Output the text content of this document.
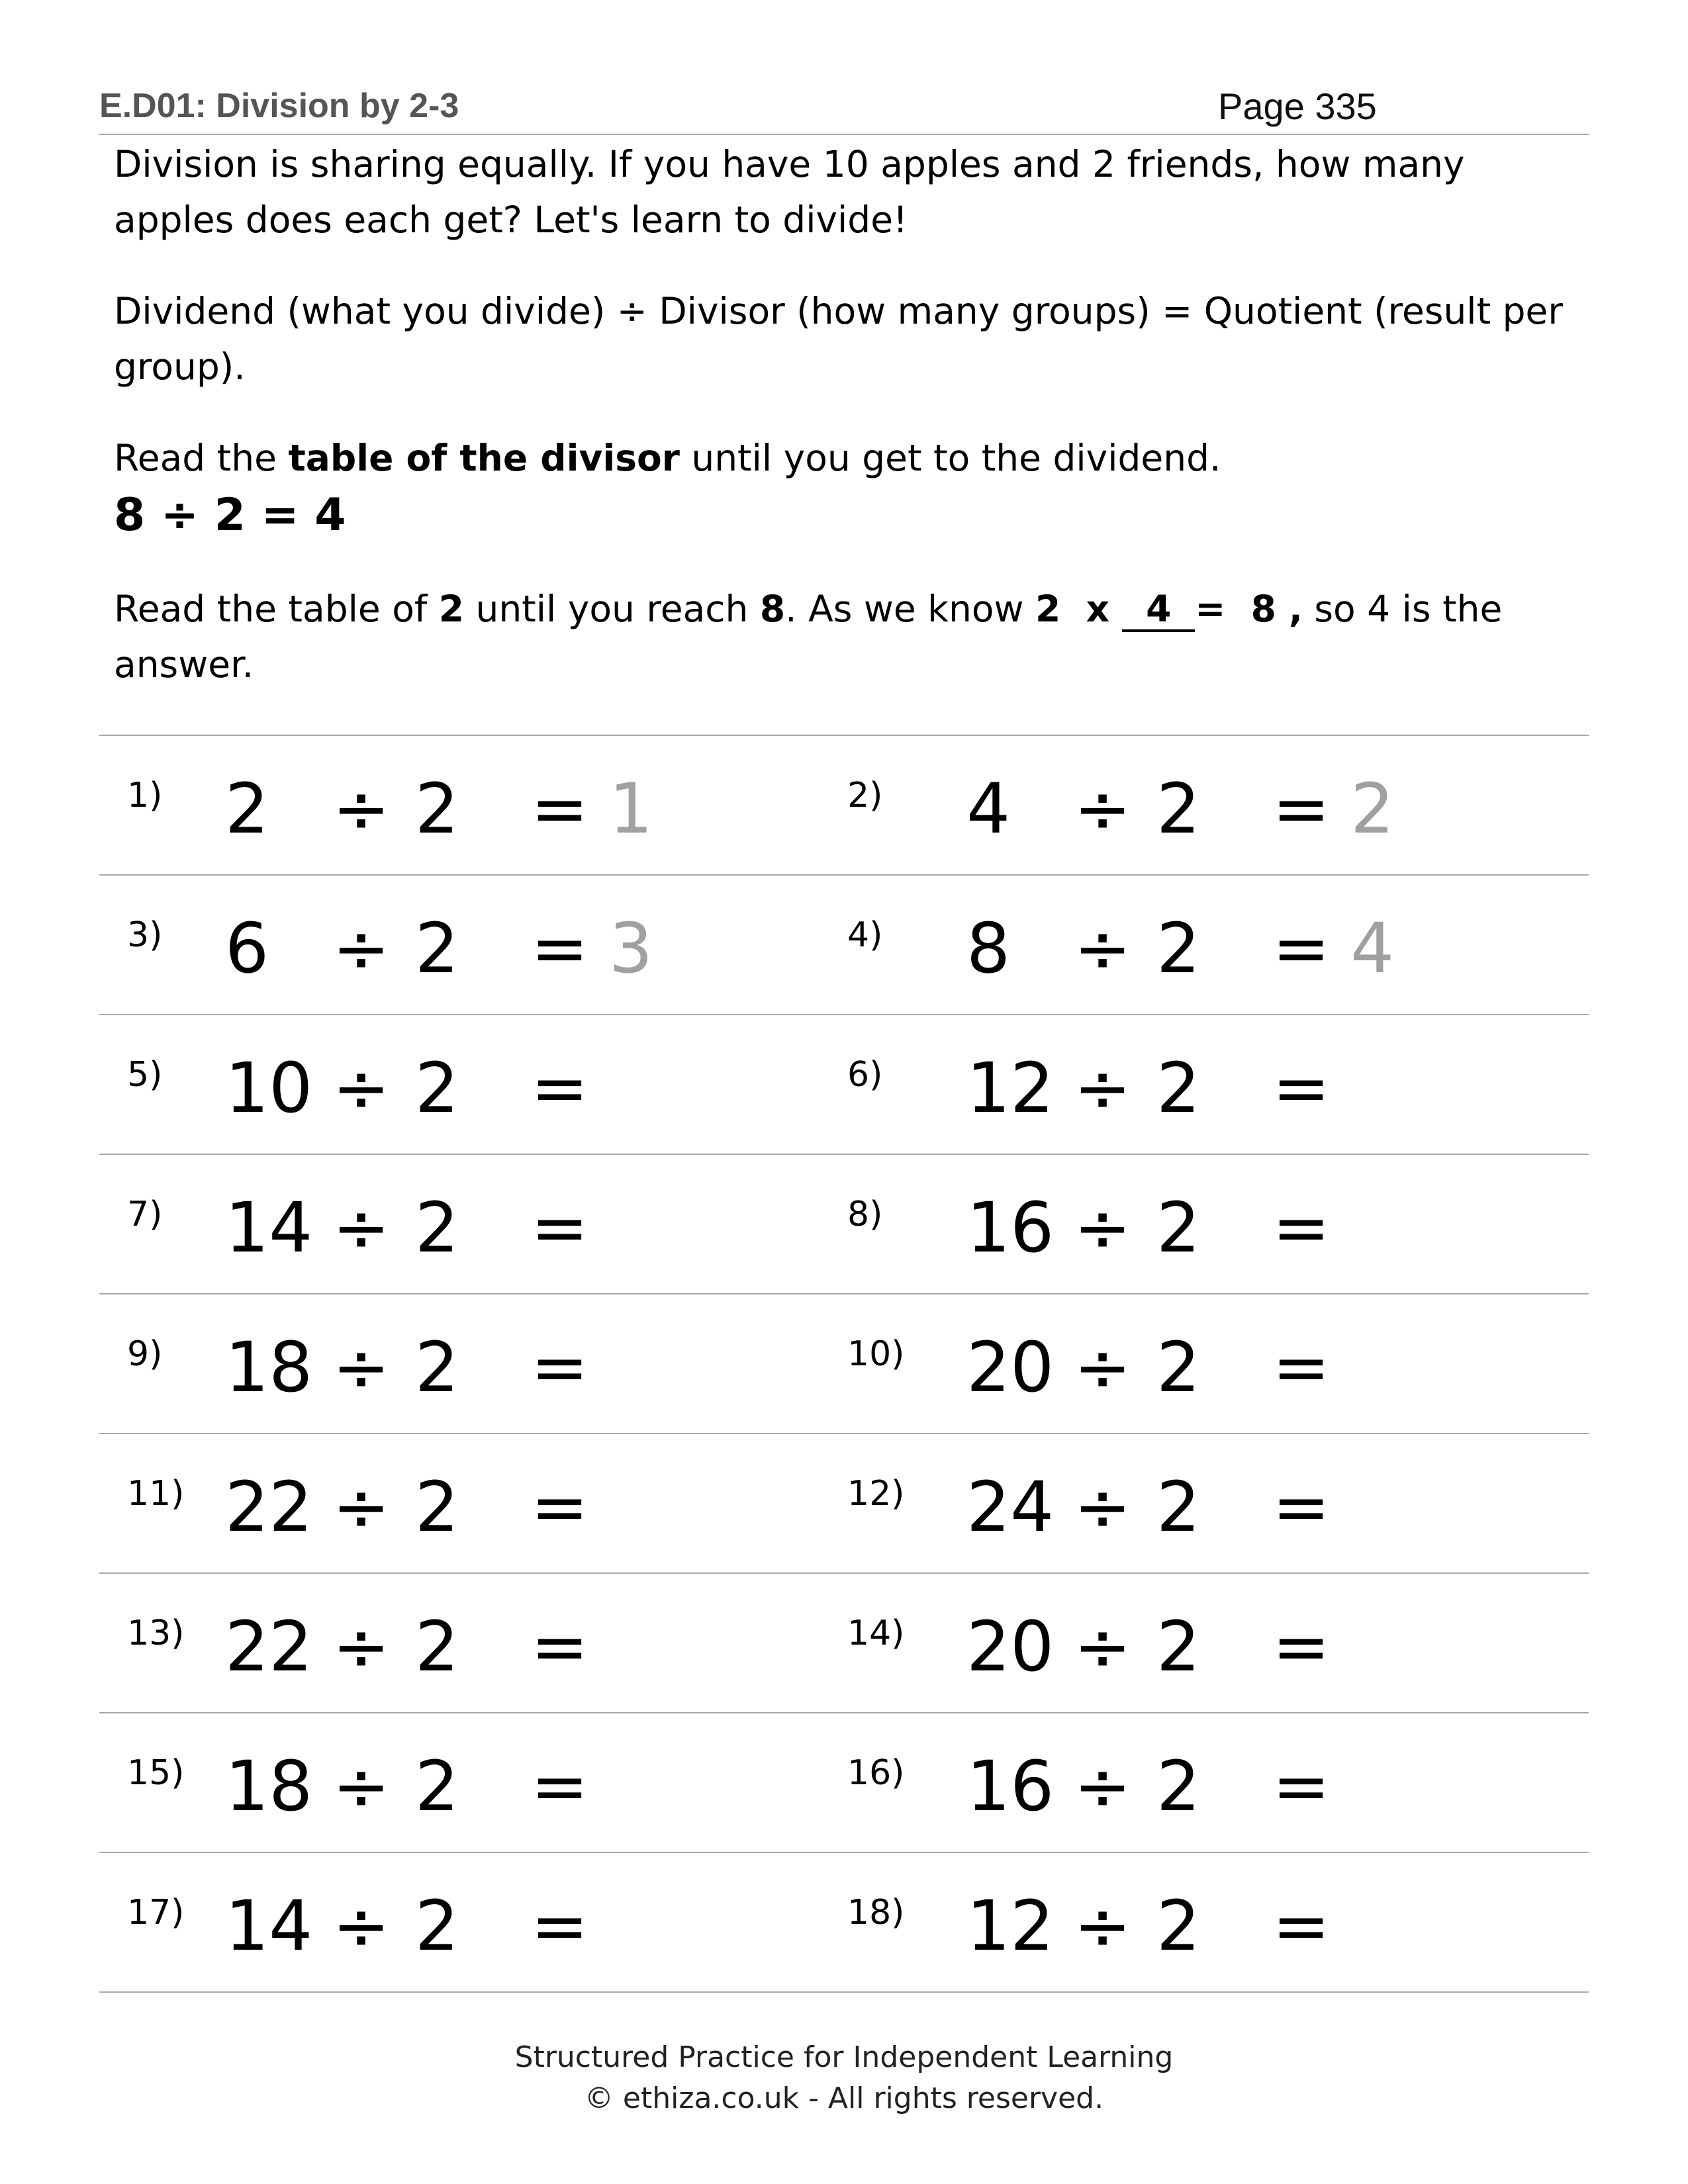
E.D01: Division by 2-3	Page 335

Division is sharing equally. If you have 10 apples and 2 friends, how many apples does each get? Let's learn to divide!

Dividend (what you divide) ÷ Divisor (how many groups) = Quotient (result per group).

Read the table of the divisor until you get to the dividend.

8 ÷ 2 = 4

Read the table of 2 until you reach 8. As we know 2  x 4 =  8 , so 4 is the answer.

1) 2 ÷ 2 = 1	2) 4 ÷ 2 = 2
3) 6 ÷ 2 = 3	4) 8 ÷ 2 = 4
5) 10 ÷ 2 =	6) 12 ÷ 2 =
7) 14 ÷ 2 =	8) 16 ÷ 2 =
9) 18 ÷ 2 =	10) 20 ÷ 2 =
11) 22 ÷ 2 =	12) 24 ÷ 2 =
13) 22 ÷ 2 =	14) 20 ÷ 2 =
15) 18 ÷ 2 =	16) 16 ÷ 2 =
17) 14 ÷ 2 =	18) 12 ÷ 2 =
Structured Practice for Independent Learning
© ethiza.co.uk - All rights reserved.
